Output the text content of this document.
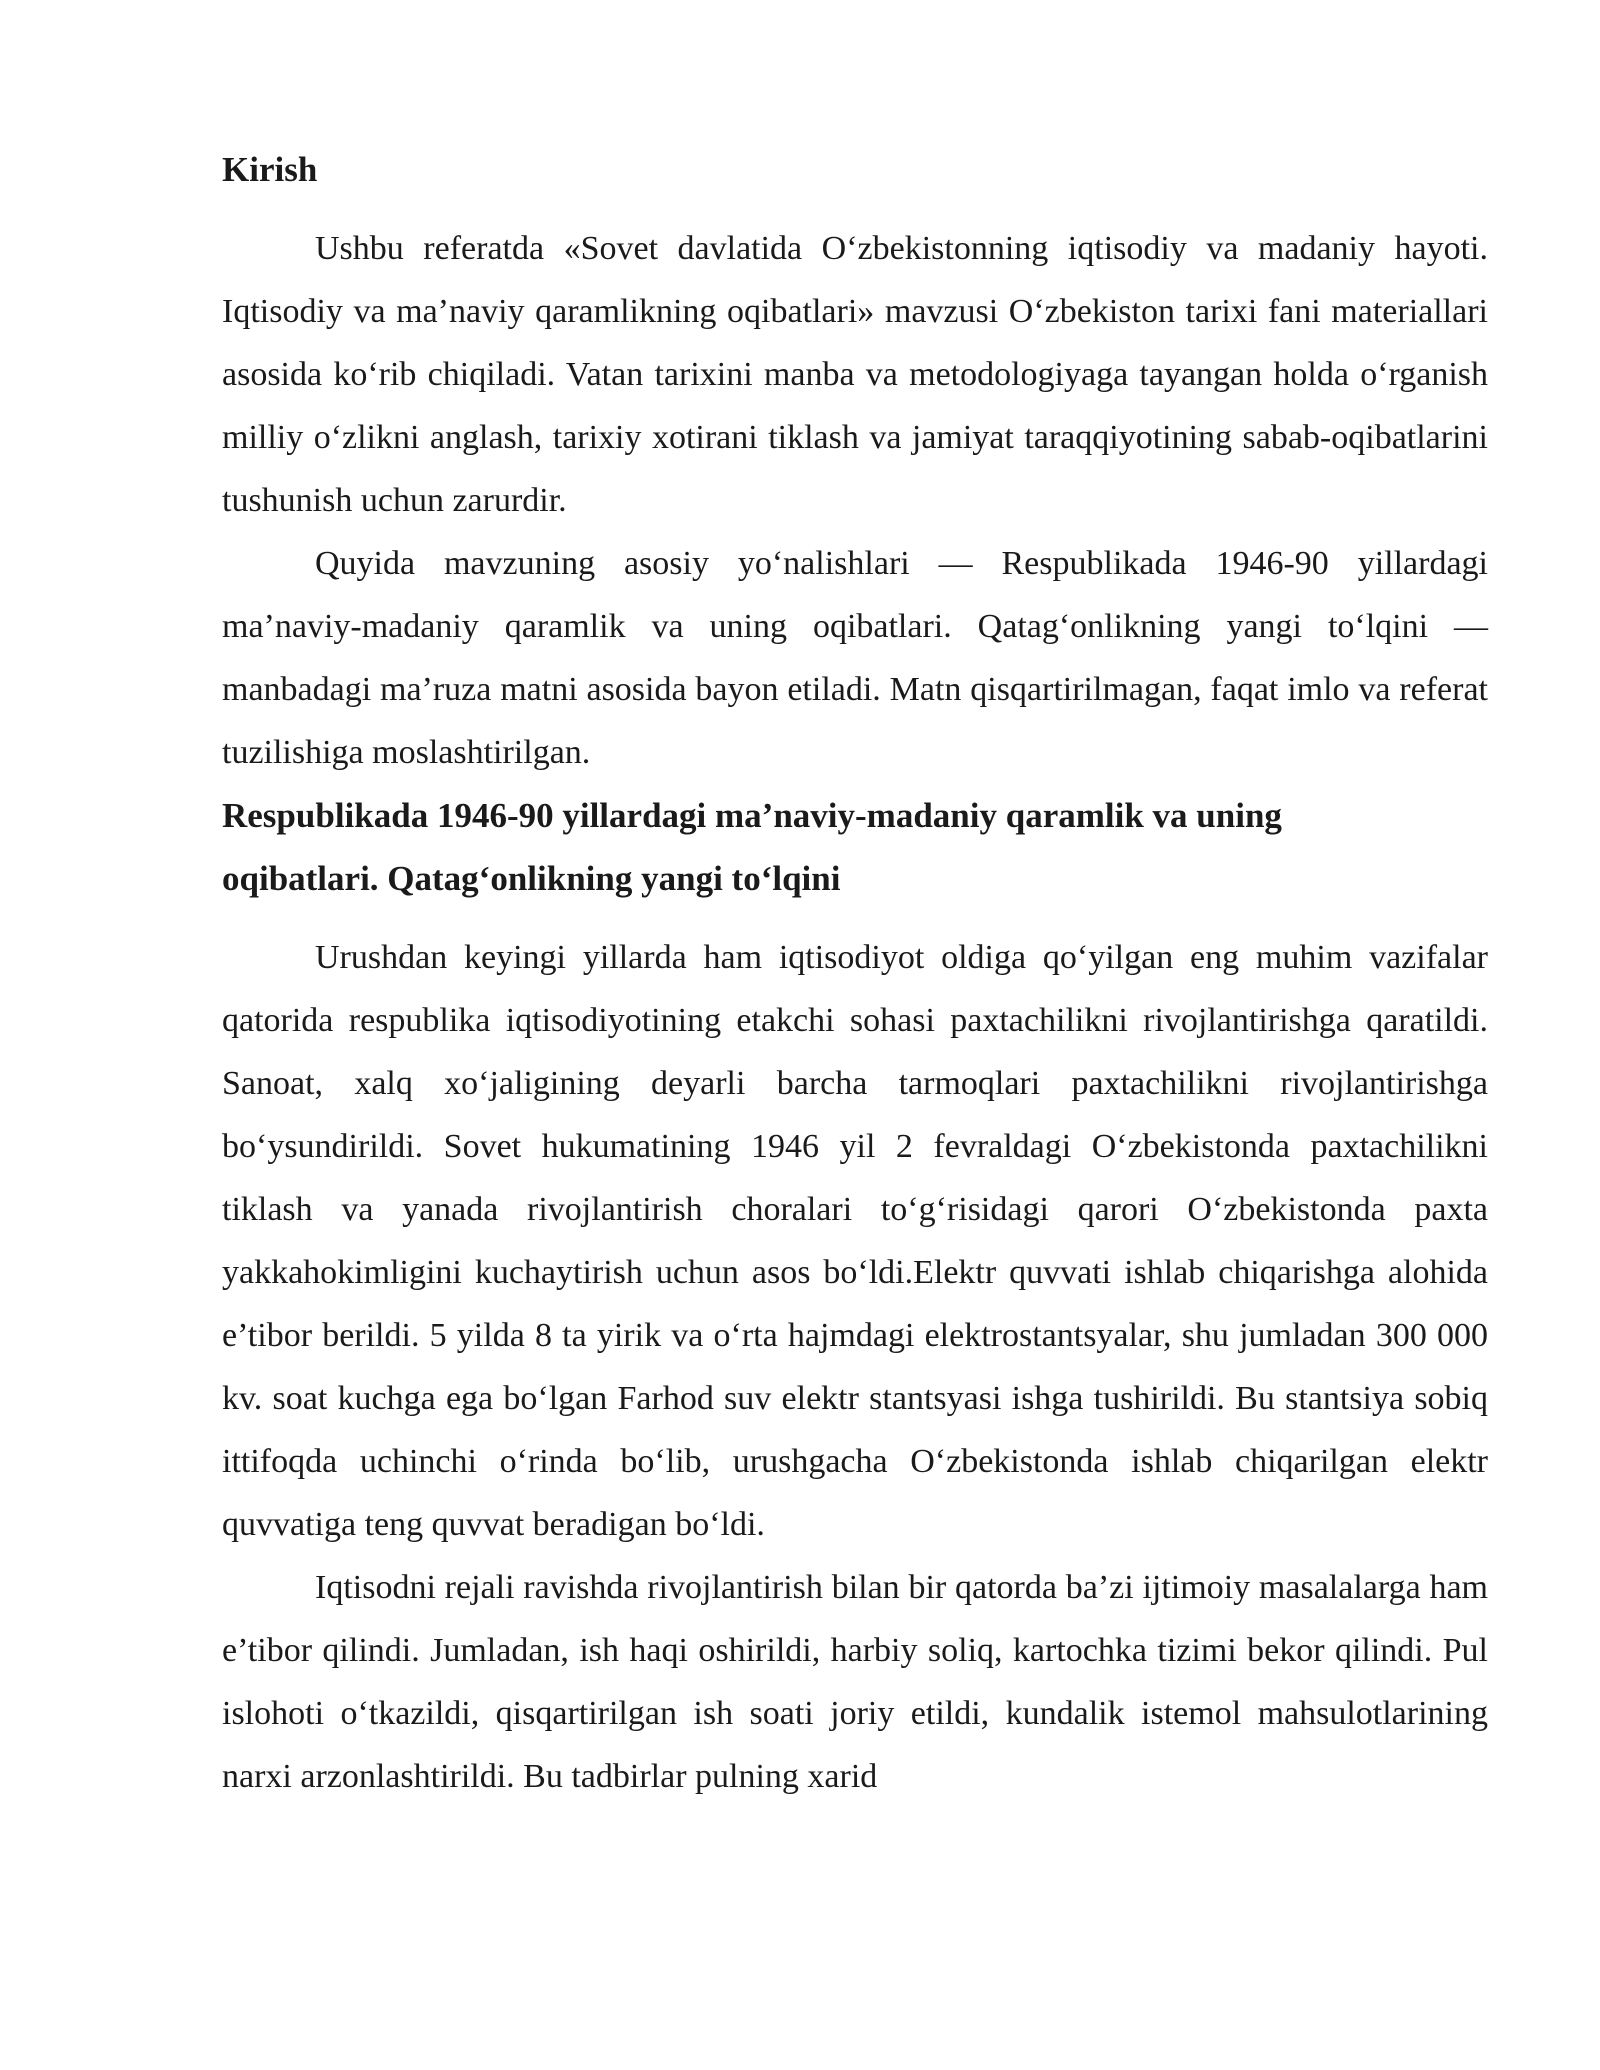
Kirish

Ushbu referatda «Sovet davlatida O‘zbekistonning iqtisodiy va madaniy hayoti. Iqtisodiy va ma’naviy qaramlikning oqibatlari» mavzusi O‘zbekiston tarixi fani materiallari asosida ko‘rib chiqiladi. Vatan tarixini manba va metodologiyaga tayangan holda o‘rganish milliy o‘zlikni anglash, tarixiy xotirani tiklash va jamiyat taraqqiyotining sabab-oqibatlarini tushunish uchun zarurdir.

Quyida mavzuning asosiy yo‘nalishlari — Respublikada 1946-90 yillardagi ma’naviy-madaniy qaramlik va uning oqibatlari. Qatag‘onlikning yangi to‘lqini — manbadagi ma’ruza matni asosida bayon etiladi. Matn qisqartirilmagan, faqat imlo va referat tuzilishiga moslashtirilgan.

Respublikada 1946-90 yillardagi ma’naviy-madaniy qaramlik va uning
oqibatlari. Qatag‘onlikning yangi to‘lqini

Urushdan keyingi yillarda ham iqtisodiyot oldiga qo‘yilgan eng muhim vazifalar qatorida respublika iqtisodiyotining etakchi sohasi paxtachilikni rivojlantirishga qaratildi. Sanoat, xalq xo‘jaligining deyarli barcha tarmoqlari paxtachilikni rivojlantirishga bo‘ysundirildi. Sovet hukumatining 1946 yil 2 fevraldagi O‘zbekistonda paxtachilikni tiklash va yanada rivojlantirish choralari to‘g‘risidagi qarori O‘zbekistonda paxta yakkahokimligini kuchaytirish uchun asos bo‘ldi.Elektr quvvati ishlab chiqarishga alohida e’tibor berildi. 5 yilda 8 ta yirik va o‘rta hajmdagi elektrostantsyalar, shu jumladan 300 000 kv. soat kuchga ega bo‘lgan Farhod suv elektr stantsyasi ishga tushirildi. Bu stantsiya sobiq ittifoqda uchinchi o‘rinda bo‘lib, urushgacha O‘zbekistonda ishlab chiqarilgan elektr quvvatiga teng quvvat beradigan bo‘ldi.

Iqtisodni rejali ravishda rivojlantirish bilan bir qatorda ba’zi ijtimoiy masalalarga ham e’tibor qilindi. Jumladan, ish haqi oshirildi, harbiy soliq, kartochka tizimi bekor qilindi. Pul islohoti o‘tkazildi, qisqartirilgan ish soati joriy etildi, kundalik istemol mahsulotlarining narxi arzonlashtirildi. Bu tadbirlar pulning xarid
